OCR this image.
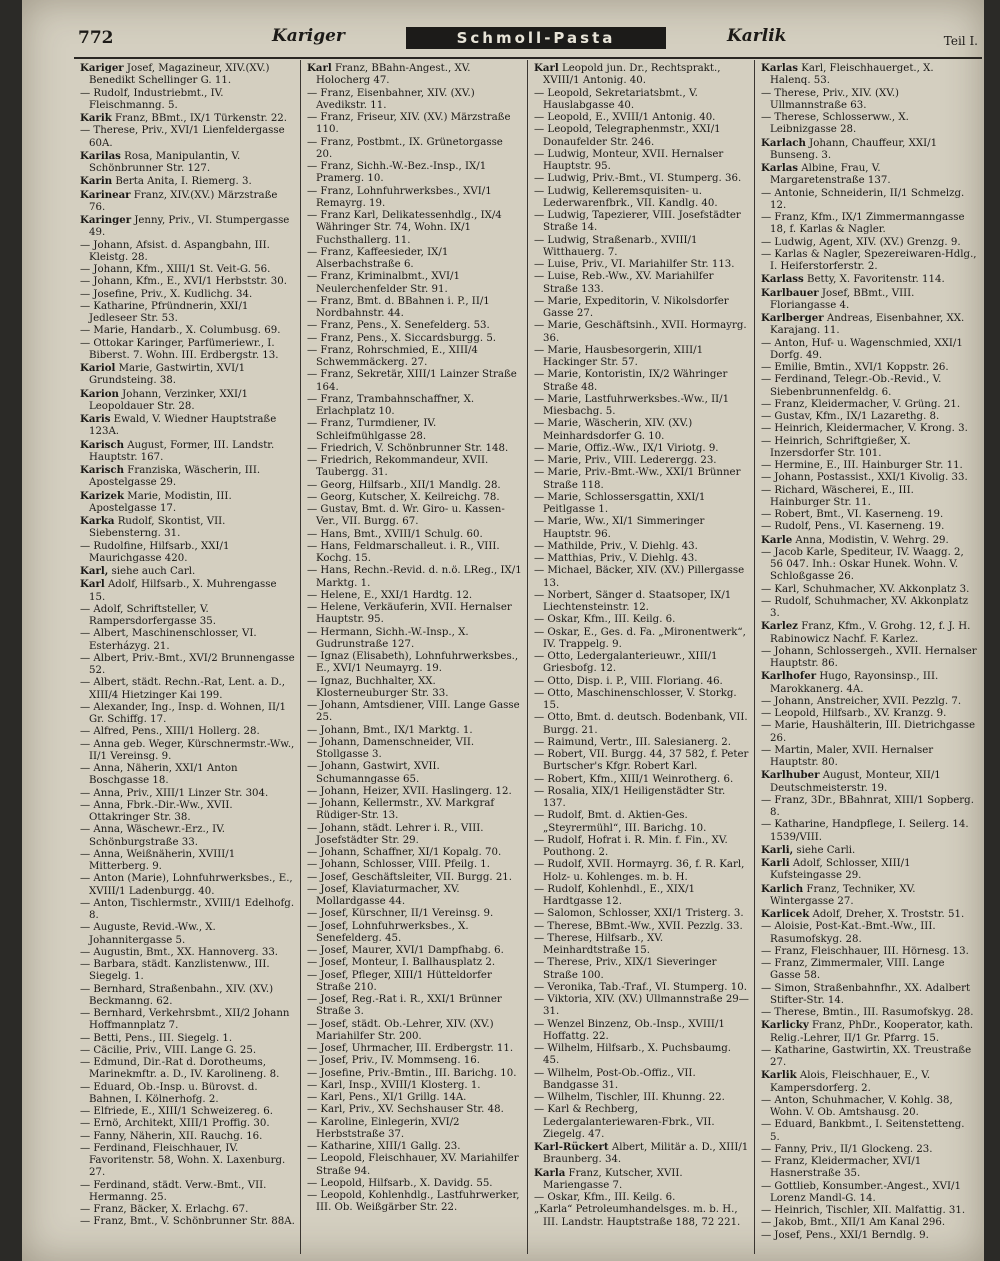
772	Kariger	Schmoll-Pasta	Karlik	Teil I.

Kariger Josef, Magazineur, XIV.(XV.) Benedikt Schellinger G. 11.

— Rudolf, Industriebmt., IV. Fleischmanng. 5.

Karik Franz, BBmt., IX/1 Türkenstr. 22.

— Therese, Priv., XVI/1 Lienfeldergasse 60A.

Karilas Rosa, Manipulantin, V. Schönbrunner Str. 127.

Karin Berta Anita, I. Riemerg. 3.

Karinear Franz, XIV.(XV.) Märzstraße 76.

Karinger Jenny, Priv., VI. Stumpergasse 49.

— Johann, Afsist. d. Aspangbahn, III. Kleistg. 28.

— Johann, Kfm., XIII/1 St. Veit-G. 56.

— Johann, Kfm., E., XVI/1 Herbststr. 30.

— Josefine, Priv., X. Kudlichg. 34.

— Katharine, Pfründnerin, XXI/1 Jedleseer Str. 53.

— Marie, Handarb., X. Columbusg. 69.

— Ottokar Karinger, Parfümeriewr., I. Biberst. 7. Wohn. III. Erdbergstr. 13.

Kariol Marie, Gastwirtin, XVI/1 Grundsteing. 38.

Karion Johann, Verzinker, XXI/1 Leopoldauer Str. 28.

Karis Ewald, V. Wiedner Hauptstraße 123A.

Karisch August, Former, III. Landstr. Hauptstr. 167.

Karisch Franziska, Wäscherin, III. Apostelgasse 29.

Karizek Marie, Modistin, III. Apostelgasse 17.

Karka Rudolf, Skontist, VII. Siebensterng. 31.

— Rudolfine, Hilfsarb., XXI/1 Maurichgasse 420.

Karl, siehe auch Carl.

Karl Adolf, Hilfsarb., X. Muhrengasse 15.

— Adolf, Schriftsteller, V. Rampersdorfergasse 35.

— Albert, Maschinenschlosser, VI. Esterházyg. 21.

— Albert, Priv.-Bmt., XVI/2 Brunnengasse 52.

— Albert, städt. Rechn.-Rat, Lent. a. D., XIII/4 Hietzinger Kai 199.

— Alexander, Ing., Insp. d. Wohnen, II/1 Gr. Schiffg. 17.

— Alfred, Pens., XIII/1 Hollerg. 28.

— Anna geb. Weger, Kürschnermstr.-Ww., II/1 Vereinsg. 9.

— Anna, Näherin, XXI/1 Anton Boschgasse 18.

— Anna, Priv., XIII/1 Linzer Str. 304.

— Anna, Fbrk.-Dir.-Ww., XVII. Ottakringer Str. 38.

— Anna, Wäschewr.-Erz., IV. Schönburgstraße 33.

— Anna, Weißnäherin, XVIII/1 Mitterberg. 9.

— Anton (Marie), Lohnfuhrwerksbes., E., XVIII/1 Ladenburgg. 40.

— Anton, Tischlermstr., XVIII/1 Edelhofg. 8.

— Auguste, Revid.-Ww., X. Johannitergasse 5.

— Augustin, Bmt., XX. Hannoverg. 33.

— Barbara, städt. Kanzlistenww., III. Siegelg. 1.

— Bernhard, Straßenbahn., XIV. (XV.) Beckmanng. 62.

— Bernhard, Verkehrsbmt., XII/2 Johann Hoffmannplatz 7.

— Betti, Pens., III. Siegelg. 1.

— Cäcilie, Priv., VIII. Lange G. 25.

— Edmund, Dir.-Rat d. Dorotheums, Marinekmftr. a. D., IV. Karolineng. 8.

— Eduard, Ob.-Insp. u. Bürovst. d. Bahnen, I. Kölnerhofg. 2.

— Elfriede, E., XIII/1 Schweizereg. 6.

— Ernö, Architekt, XIII/1 Proffig. 30.

— Fanny, Näherin, XII. Rauchg. 16.

— Ferdinand, Fleischhauer, IV. Favoritenstr. 58, Wohn. X. Laxenburg. 27.

— Ferdinand, städt. Verw.-Bmt., VII. Hermanng. 25.

— Franz, Bäcker, X. Erlachg. 67.

— Franz, Bmt., V. Schönbrunner Str. 88A.

Karl Franz, BBahn-Angest., XV. Holocherg 47.

— Franz, Eisenbahner, XIV. (XV.) Avedikstr. 11.

— Franz, Friseur, XIV. (XV.) Märzstraße 110.

— Franz, Postbmt., IX. Grünetorgasse 20.

— Franz, Sichh.-W.-Bez.-Insp., IX/1 Pramerg. 10.

— Franz, Lohnfuhrwerksbes., XVI/1 Remayrg. 19.

— Franz Karl, Delikatessenhdlg., IX/4 Währinger Str. 74, Wohn. IX/1 Fuchsthallerg. 11.

— Franz, Kaffeesieder, IX/1 Alserbachstraße 6.

— Franz, Kriminalbmt., XVI/1 Neulerchenfelder Str. 91.

— Franz, Bmt. d. BBahnen i. P., II/1 Nordbahnstr. 44.

— Franz, Pens., X. Senefelderg. 53.

— Franz, Pens., X. Siccardsburgg. 5.

— Franz, Rohrschmied, E., XIII/4 Schwemmäckerg. 27.

— Franz, Sekretär, XIII/1 Lainzer Straße 164.

— Franz, Trambahnschaffner, X. Erlachplatz 10.

— Franz, Turmdiener, IV. Schleifmühlgasse 28.

— Friedrich, V. Schönbrunner Str. 148.

— Friedrich, Rekommandeur, XVII. Taubergg. 31.

— Georg, Hilfsarb., XII/1 Mandlg. 28.

— Georg, Kutscher, X. Keilreichg. 78.

— Gustav, Bmt. d. Wr. Giro- u. Kassen-Ver., VII. Burgg. 67.

— Hans, Bmt., XVIII/1 Schulg. 60.

— Hans, Feldmarschalleut. i. R., VIII. Kochg. 15.

— Hans, Rechn.-Revid. d. n.ö. LReg., IX/1 Marktg. 1.

— Helene, E., XXI/1 Hardtg. 12.

— Helene, Verkäuferin, XVII. Hernalser Hauptstr. 95.

— Hermann, Sichh.-W.-Insp., X. Gudrunstraße 127.

— Ignaz (Elisabeth), Lohnfuhrwerksbes., E., XVI/1 Neumayrg. 19.

— Ignaz, Buchhalter, XX. Klosterneuburger Str. 33.

— Johann, Amtsdiener, VIII. Lange Gasse 25.

— Johann, Bmt., IX/1 Marktg. 1.

— Johann, Damenschneider, VII. Stollgasse 3.

— Johann, Gastwirt, XVII. Schumanngasse 65.

— Johann, Heizer, XVII. Haslingerg. 12.

— Johann, Kellermstr., XV. Markgraf Rüdiger-Str. 13.

— Johann, städt. Lehrer i. R., VIII. Josefstädter Str. 29.

— Johann, Schaffner, XI/1 Kopalg. 70.

— Johann, Schlosser, VIII. Pfeilg. 1.

— Josef, Geschäftsleiter, VII. Burgg. 21.

— Josef, Klaviaturmacher, XV. Mollardgasse 44.

— Josef, Kürschner, II/1 Vereinsg. 9.

— Josef, Lohnfuhrwerksbes., X. Senefelderg. 45.

— Josef, Maurer, XVI/1 Dampfhabg. 6.

— Josef, Monteur, I. Ballhausplatz 2.

— Josef, Pfleger, XIII/1 Hütteldorfer Straße 210.

— Josef, Reg.-Rat i. R., XXI/1 Brünner Straße 3.

— Josef, städt. Ob.-Lehrer, XIV. (XV.) Mariahilfer Str. 200.

— Josef, Uhrmacher, III. Erdbergstr. 11.

— Josef, Priv., IV. Mommseng. 16.

— Josefine, Priv.-Bmtin., III. Barichg. 10.

— Karl, Insp., XVIII/1 Klosterg. 1.

— Karl, Pens., XI/1 Grillg. 14A.

— Karl, Priv., XV. Sechshauser Str. 48.

— Karoline, Einlegerin, XVI/2 Herbststraße 37.

— Katharine, XIII/1 Gallg. 23.

— Leopold, Fleischhauer, XV. Mariahilfer Straße 94.

— Leopold, Hilfsarb., X. Davidg. 55.

— Leopold, Kohlenhdlg., Lastfuhrwerker, III. Ob. Weißgärber Str. 22.

Karl Leopold jun. Dr., Rechtsprakt., XVIII/1 Antonig. 40.

— Leopold, Sekretariatsbmt., V. Hauslabgasse 40.

— Leopold, E., XVIII/1 Antonig. 40.

— Leopold, Telegraphenmstr., XXI/1 Donaufelder Str. 246.

— Ludwig, Monteur, XVII. Hernalser Hauptstr. 95.

— Ludwig, Priv.-Bmt., VI. Stumperg. 36.

— Ludwig, Kelleremsquisiten- u. Lederwarenfbrk., VII. Kandlg. 40.

— Ludwig, Tapezierer, VIII. Josefstädter Straße 14.

— Ludwig, Straßenarb., XVIII/1 Witthauerg. 7.

— Luise, Priv., VI. Mariahilfer Str. 113.

— Luise, Reb.-Ww., XV. Mariahilfer Straße 133.

— Marie, Expeditorin, V. Nikolsdorfer Gasse 27.

— Marie, Geschäftsinh., XVII. Hormayrg. 36.

— Marie, Hausbesorgerin, XIII/1 Hackinger Str. 57.

— Marie, Kontoristin, IX/2 Währinger Straße 48.

— Marie, Lastfuhrwerksbes.-Ww., II/1 Miesbachg. 5.

— Marie, Wäscherin, XIV. (XV.) Meinhardsdorfer G. 10.

— Marie, Offiz.-Ww., IX/1 Viriotg. 9.

— Marie, Priv., VIII. Lederergg. 23.

— Marie, Priv.-Bmt.-Ww., XXI/1 Brünner Straße 118.

— Marie, Schlossersgattin, XXI/1 Peitlgasse 1.

— Marie, Ww., XI/1 Simmeringer Hauptstr. 96.

— Mathilde, Priv., V. Diehlg. 43.

— Matthias, Priv., V. Diehlg. 43.

— Michael, Bäcker, XIV. (XV.) Pillergasse 13.

— Norbert, Sänger d. Staatsoper, IX/1 Liechtensteinstr. 12.

— Oskar, Kfm., III. Keilg. 6.

— Oskar, E., Ges. d. Fa. „Mironentwerk“, IV. Trappelg. 9.

— Otto, Ledergalanterieuwr., XIII/1 Griesbofg. 12.

— Otto, Disp. i. P., VIII. Floriang. 46.

— Otto, Maschinenschlosser, V. Storkg. 15.

— Otto, Bmt. d. deutsch. Bodenbank, VII. Burgg. 21.

— Raimund, Vertr., III. Salesianerg. 2.

— Robert, VII. Burgg. 44, 37 582, f. Peter Burtscher's Kfgr. Robert Karl.

— Robert, Kfm., XIII/1 Weinrotherg. 6.

— Rosalia, XIX/1 Heiligenstädter Str. 137.

— Rudolf, Bmt. d. Aktien-Ges. „Steyrermühl“, III. Barichg. 10.

— Rudolf, Hofrat i. R. Min. f. Fin., XV. Pouthong. 2.

— Rudolf, XVII. Hormayrg. 36, f. R. Karl, Holz- u. Kohlenges. m. b. H.

— Rudolf, Kohlenhdl., E., XIX/1 Hardtgasse 12.

— Salomon, Schlosser, XXI/1 Tristerg. 3.

— Therese, BBmt.-Ww., XVII. Pezzlg. 33.

— Therese, Hilfsarb., XV. Meinhardtstraße 15.

— Therese, Priv., XIX/1 Sieveringer Straße 100.

— Veronika, Tab.-Traf., VI. Stumperg. 10.

— Viktoria, XIV. (XV.) Ullmannstraße 29—31.

— Wenzel Binzenz, Ob.-Insp., XVIII/1 Hoffattg. 22.

— Wilhelm, Hilfsarb., X. Puchsbaumg. 45.

— Wilhelm, Post-Ob.-Offiz., VII. Bandgasse 31.

— Wilhelm, Tischler, III. Khunng. 22.

— Karl & Rechberg, Ledergalanteriewaren-Fbrk., VII. Ziegelg. 47.

Karl-Rückert Albert, Militär a. D., XIII/1 Braunberg. 34.

Karla Franz, Kutscher, XVII. Mariengasse 7.

— Oskar, Kfm., III. Keilg. 6.

„Karla“ Petroleumhandelsges. m. b. H., III. Landstr. Hauptstraße 188, 72 221.

Karlas Karl, Fleischhauerget., X. Halenq. 53.

— Therese, Priv., XIV. (XV.) Ullmannstraße 63.

— Therese, Schlosserww., X. Leibnizgasse 28.

Karlach Johann, Chauffeur, XXI/1 Bunseng. 3.

Karlas Albine, Frau, V. Margaretenstraße 137.

— Antonie, Schneiderin, II/1 Schmelzg. 12.

— Franz, Kfm., IX/1 Zimmermanngasse 18, f. Karlas & Nagler.

— Ludwig, Agent, XIV. (XV.) Grenzg. 9.

— Karlas & Nagler, Spezereiwaren-Hdlg., I. Heiferstorferstr. 2.

Karlass Betty, X. Favoritenstr. 114.

Karlbauer Josef, BBmt., VIII. Floriangasse 4.

Karlberger Andreas, Eisenbahner, XX. Karajang. 11.

— Anton, Huf- u. Wagenschmied, XXI/1 Dorfg. 49.

— Emilie, Bmtin., XVI/1 Koppstr. 26.

— Ferdinand, Telegr.-Ob.-Revid., V. Siebenbrunnenfeldg. 6.

— Franz, Kleidermacher, V. Grüng. 21.

— Gustav, Kfm., IX/1 Lazarethg. 8.

— Heinrich, Kleidermacher, V. Krong. 3.

— Heinrich, Schriftgießer, X. Inzersdorfer Str. 101.

— Hermine, E., III. Hainburger Str. 11.

— Johann, Postassist., XXI/1 Kivolig. 33.

— Richard, Wäscherei, E., III. Hainburger Str. 11.

— Robert, Bmt., VI. Kaserneng. 19.

— Rudolf, Pens., VI. Kaserneng. 19.

Karle Anna, Modistin, V. Wehrg. 29.

— Jacob Karle, Spediteur, IV. Waagg. 2, 56 047. Inh.: Oskar Hunek. Wohn. V. Schloßgasse 26.

— Karl, Schuhmacher, XV. Akkonplatz 3.

— Rudolf, Schuhmacher, XV. Akkonplatz 3.

Karlez Franz, Kfm., V. Grohg. 12, f. J. H. Rabinowicz Nachf. F. Karlez.

— Johann, Schlossergeh., XVII. Hernalser Hauptstr. 86.

Karlhofer Hugo, Rayonsinsp., III. Marokkanerg. 4A.

— Johann, Anstreicher, XVII. Pezzlg. 7.

— Leopold, Hilfsarb., XV. Kranzg. 9.

— Marie, Haushälterin, III. Dietrichgasse 26.

— Martin, Maler, XVII. Hernalser Hauptstr. 80.

Karlhuber August, Monteur, XII/1 Deutschmeisterstr. 19.

— Franz, 3Dr., BBahnrat, XIII/1 Sopberg. 8.

— Katharine, Handpflege, I. Seilerg. 14. 1539/VIII.

Karli, siehe Carli.

Karli Adolf, Schlosser, XIII/1 Kufsteingasse 29.

Karlich Franz, Techniker, XV. Wintergasse 27.

Karlicek Adolf, Dreher, X. Troststr. 51.

— Aloisie, Post-Kat.-Bmt.-Ww., III. Rasumofskyg. 28.

— Franz, Fleischhauer, III. Hörnesg. 13.

— Franz, Zimmermaler, VIII. Lange Gasse 58.

— Simon, Straßenbahnfhr., XX. Adalbert Stifter-Str. 14.

— Therese, Bmtin., III. Rasumofskyg. 28.

Karlicky Franz, PhDr., Kooperator, kath. Relig.-Lehrer, II/1 Gr. Pfarrg. 15.

— Katharine, Gastwirtin, XX. Treustraße 27.

Karlik Alois, Fleischhauer, E., V. Kampersdorferg. 2.

— Anton, Schuhmacher, V. Kohlg. 38, Wohn. V. Ob. Amtshausg. 20.

— Eduard, Bankbmt., I. Seitenstetteng. 5.

— Fanny, Priv., II/1 Glockeng. 23.

— Franz, Kleidermacher, XVI/1 Hasnerstraße 35.

— Gottlieb, Konsumber.-Angest., XVI/1 Lorenz Mandl-G. 14.

— Heinrich, Tischler, XII. Malfattig. 31.

— Jakob, Bmt., XII/1 Am Kanal 296.

— Josef, Pens., XXI/1 Berndlg. 9.
